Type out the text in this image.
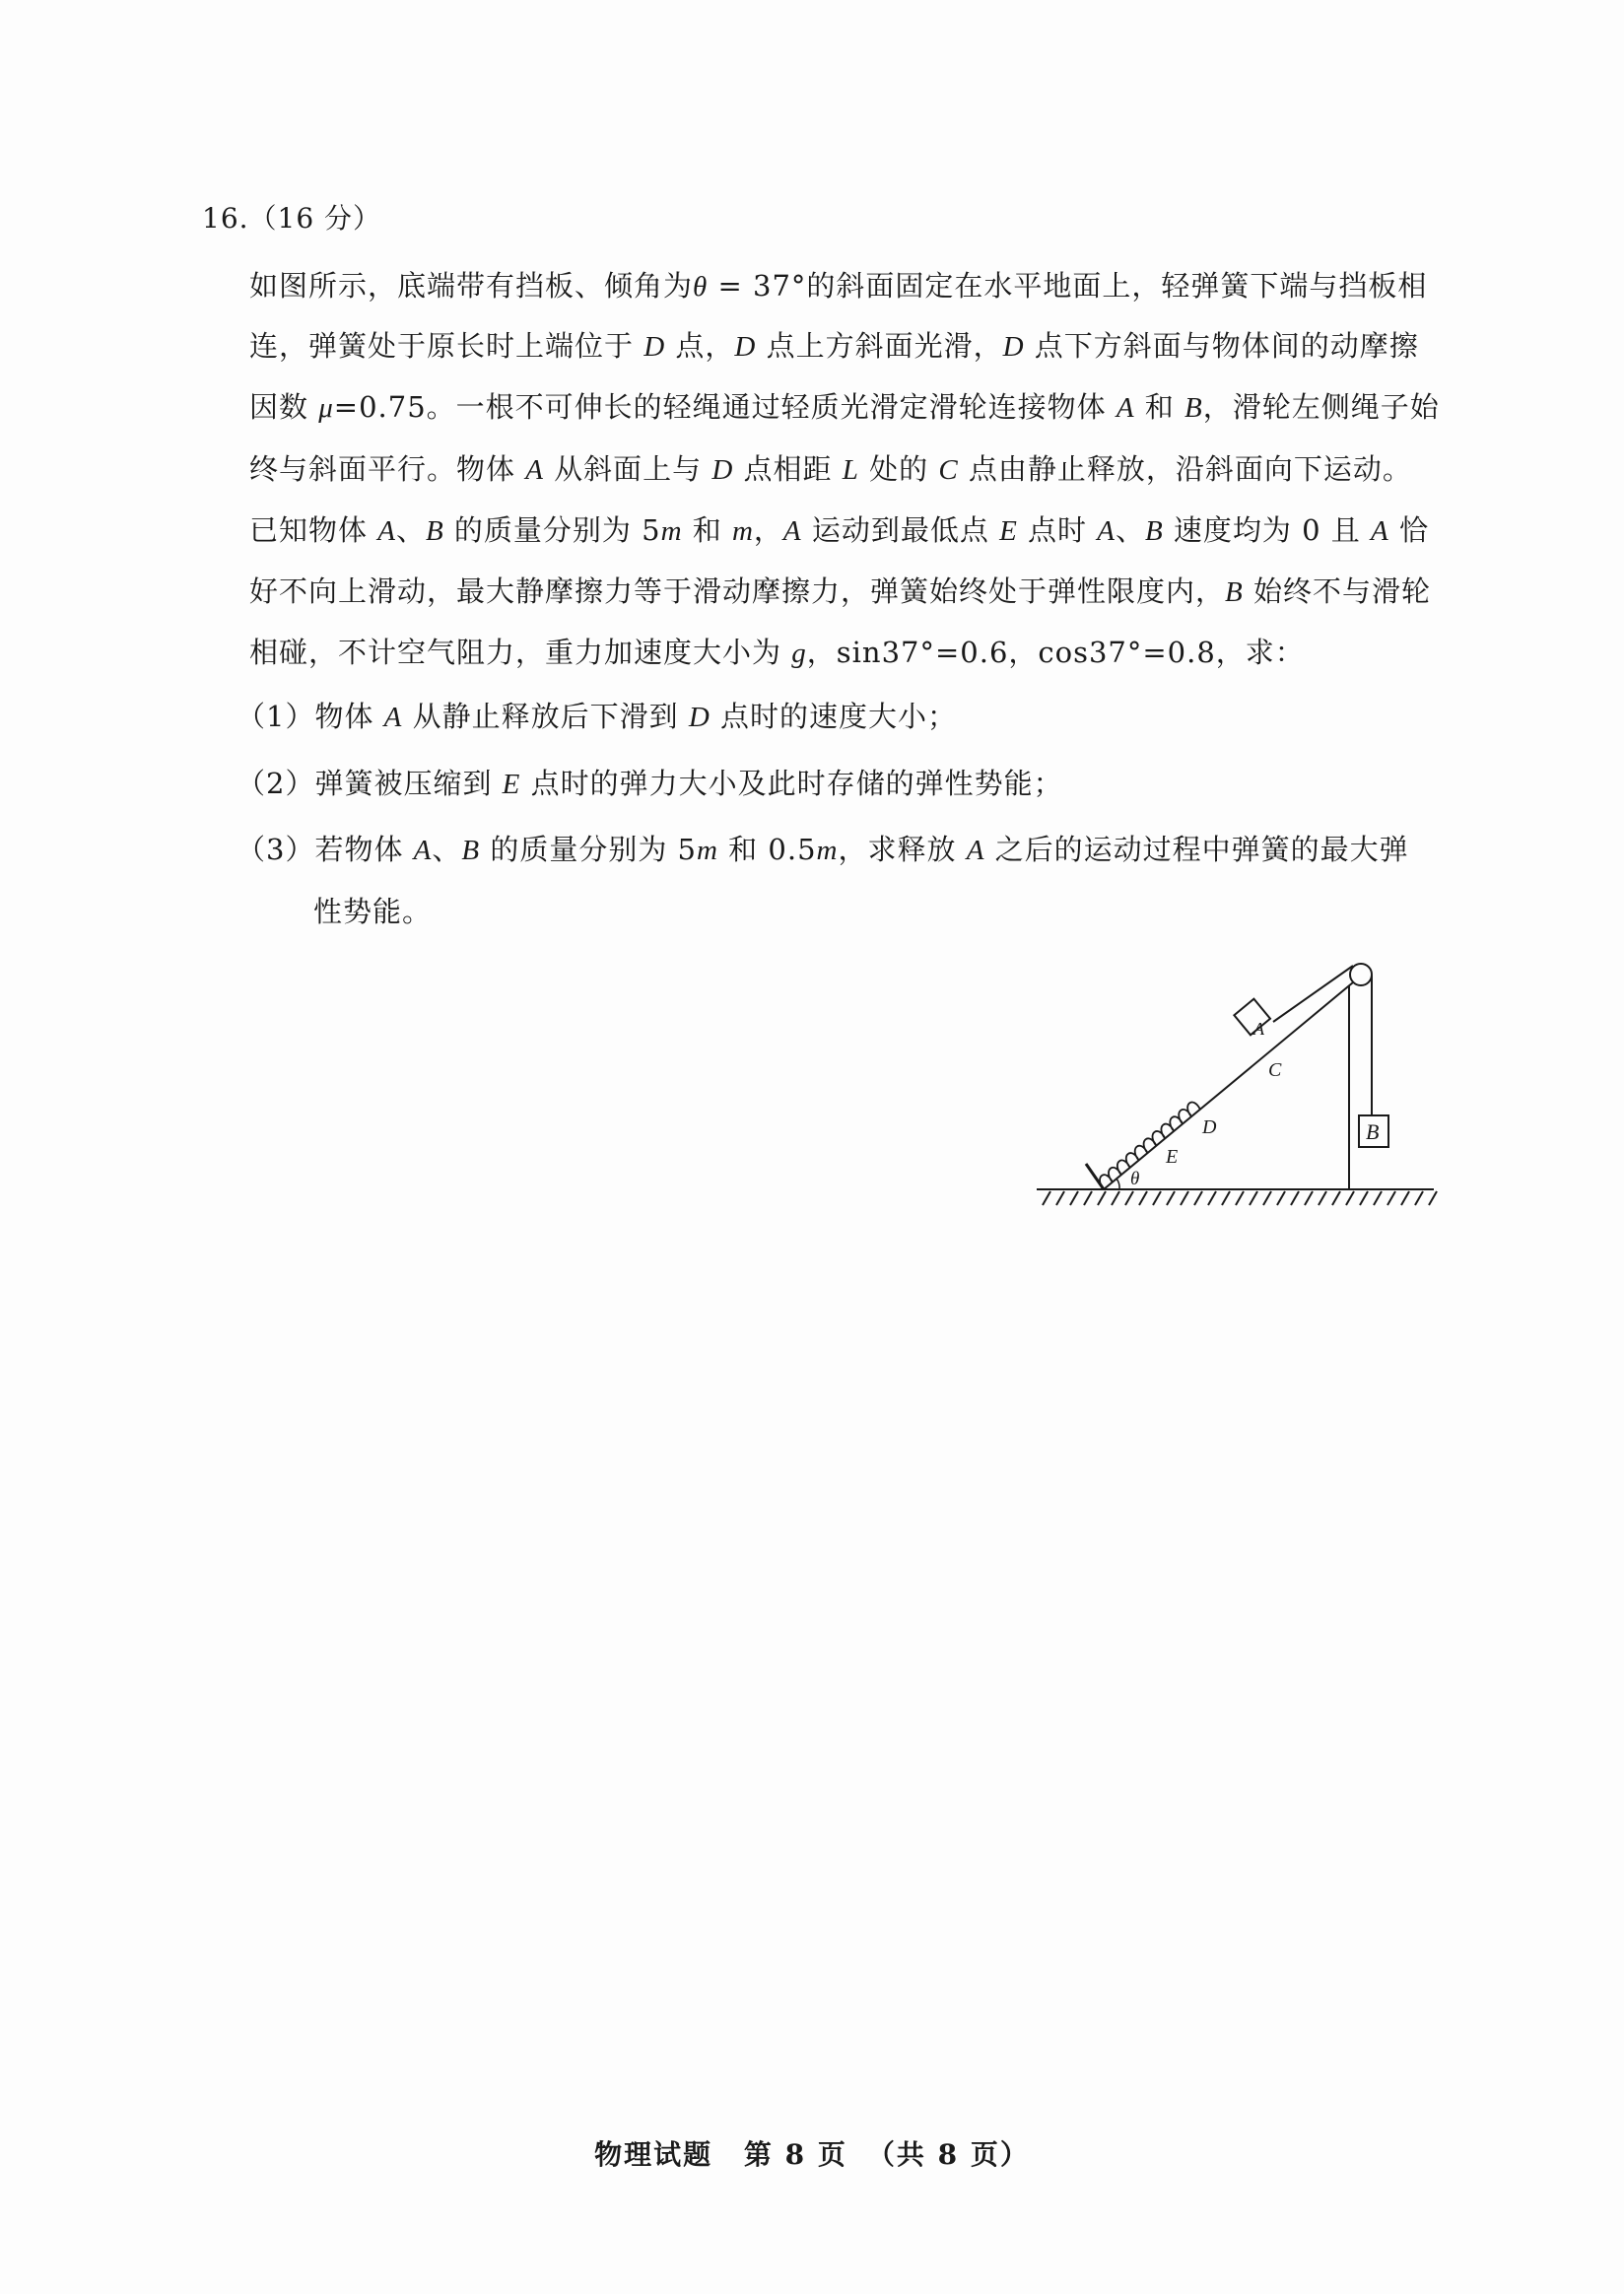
16.（16 分）
如图所示，底端带有挡板、倾角为θ = 37°的斜面固定在水平地面上，轻弹簧下端与挡板相
连，弹簧处于原长时上端位于 D 点，D 点上方斜面光滑，D 点下方斜面与物体间的动摩擦
因数 μ=0.75。一根不可伸长的轻绳通过轻质光滑定滑轮连接物体 A 和 B，滑轮左侧绳子始
终与斜面平行。物体 A 从斜面上与 D 点相距 L 处的 C 点由静止释放，沿斜面向下运动。
已知物体 A、B 的质量分别为 5m 和 m，A 运动到最低点 E 点时 A、B 速度均为 0 且 A 恰
好不向上滑动，最大静摩擦力等于滑动摩擦力，弹簧始终处于弹性限度内，B 始终不与滑轮
相碰，不计空气阻力，重力加速度大小为 g，sin37°=0.6，cos37°=0.8，求：
（1）物体 A 从静止释放后下滑到 D 点时的速度大小；
（2）弹簧被压缩到 E 点时的弹力大小及此时存储的弹性势能；
（3）若物体 A、B 的质量分别为 5m 和 0.5m，求释放 A 之后的运动过程中弹簧的最大弹
性势能。
A
B
C
D
E
θ
物理试题 第 8 页 （共 8 页）
